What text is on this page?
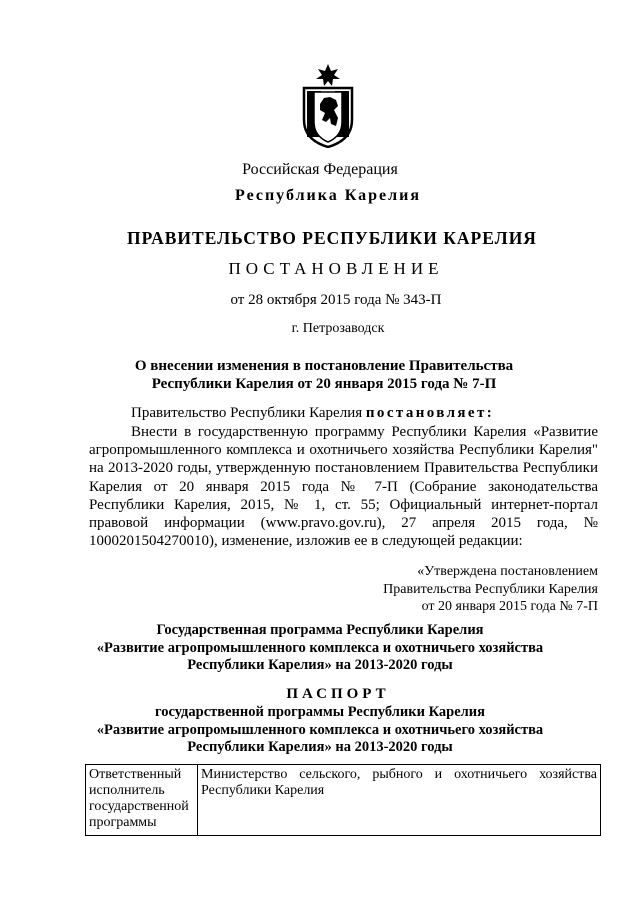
Российская Федерация
Республика Карелия
ПРАВИТЕЛЬСТВО РЕСПУБЛИКИ КАРЕЛИЯ
ПОСТАНОВЛЕНИЕ
от 28 октября 2015 года № 343-П
г. Петрозаводск
О внесении изменения в постановление Правительства
Республики Карелия от 20 января 2015 года № 7-П
Правительство Республики Карелия постановляет:

Внести в государственную программу Республики Карелия «Развитие агропромышленного комплекса и охотничьего хозяйства Республики Карелия" на 2013-2020 годы, утвержденную постановлением Правительства Республики Карелия от 20 января 2015 года № 7-П (Собрание законодательства Республики Карелия, 2015, № 1, ст. 55; Официальный интернет-портал правовой информации (www.pravo.gov.ru), 27 апреля 2015 года, № 1000201504270010), изменение, изложив ее в следующей редакции:

«Утверждена постановлением
Правительства Республики Карелия
от 20 января 2015 года № 7-П
Государственная программа Республики Карелия
«Развитие агропромышленного комплекса и охотничьего хозяйства
Республики Карелия» на 2013-2020 годы
ПАСПОРТ
государственной программы Республики Карелия
«Развитие агропромышленного комплекса и охотничьего хозяйства
Республики Карелия» на 2013-2020 годы
Ответственный исполнитель государственной программы	Министерство сельского, рыбного и охотничьего хозяйства Республики Карелия
